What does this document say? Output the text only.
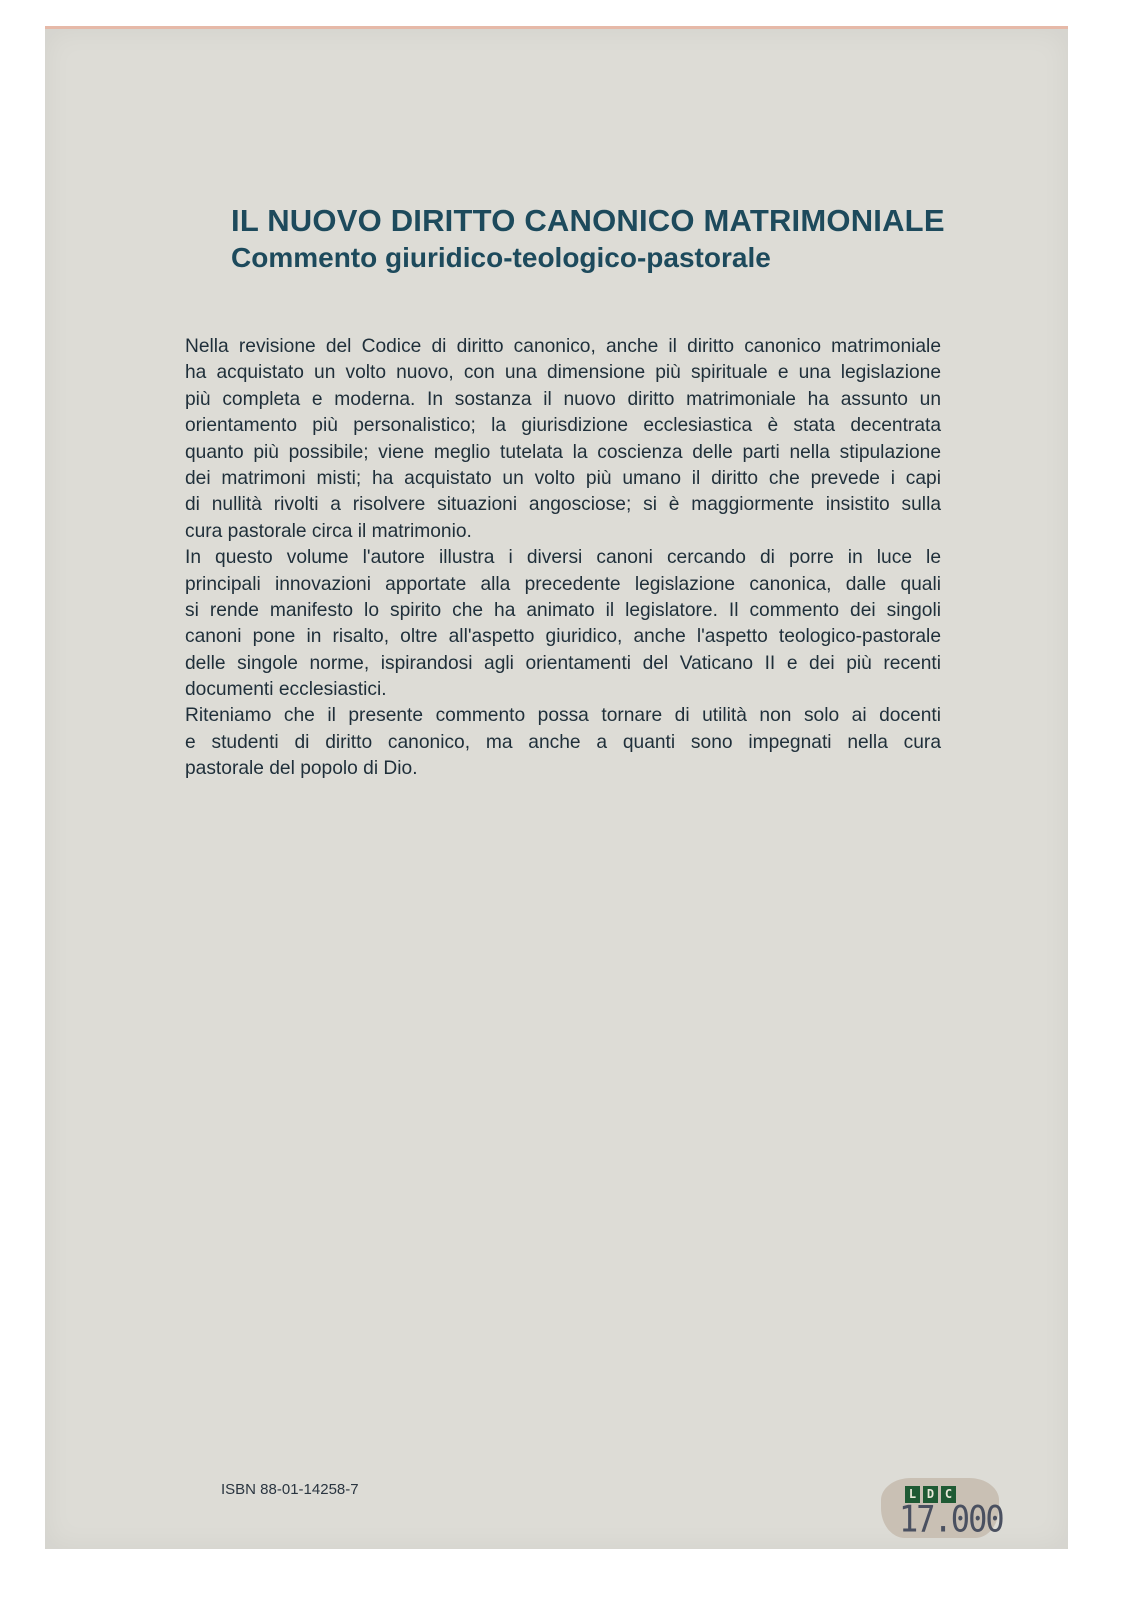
IL NUOVO DIRITTO CANONICO MATRIMONIALE
Commento giuridico-teologico-pastorale
ISBN 88-01-14258-7	L D C
17.000
Nella revisione del Codice di diritto canonico, anche il diritto canonico matrimoniale
ha acquistato un volto nuovo, con una dimensione più spirituale e una legislazione
più completa e moderna. In sostanza il nuovo diritto matrimoniale ha assunto un
orientamento più personalistico; la giurisdizione ecclesiastica è stata decentrata
quanto più possibile; viene meglio tutelata la coscienza delle parti nella stipulazione
dei matrimoni misti; ha acquistato un volto più umano il diritto che prevede i capi
di nullità rivolti a risolvere situazioni angosciose; si è maggiormente insistito sulla
cura pastorale circa il matrimonio.
In questo volume l'autore illustra i diversi canoni cercando di porre in luce le
principali innovazioni apportate alla precedente legislazione canonica, dalle quali
si rende manifesto lo spirito che ha animato il legislatore. Il commento dei singoli
canoni pone in risalto, oltre all'aspetto giuridico, anche l'aspetto teologico-pastorale
delle singole norme, ispirandosi agli orientamenti del Vaticano II e dei più recenti
documenti ecclesiastici.
Riteniamo che il presente commento possa tornare di utilità non solo ai docenti
e studenti di diritto canonico, ma anche a quanti sono impegnati nella cura
pastorale del popolo di Dio.
